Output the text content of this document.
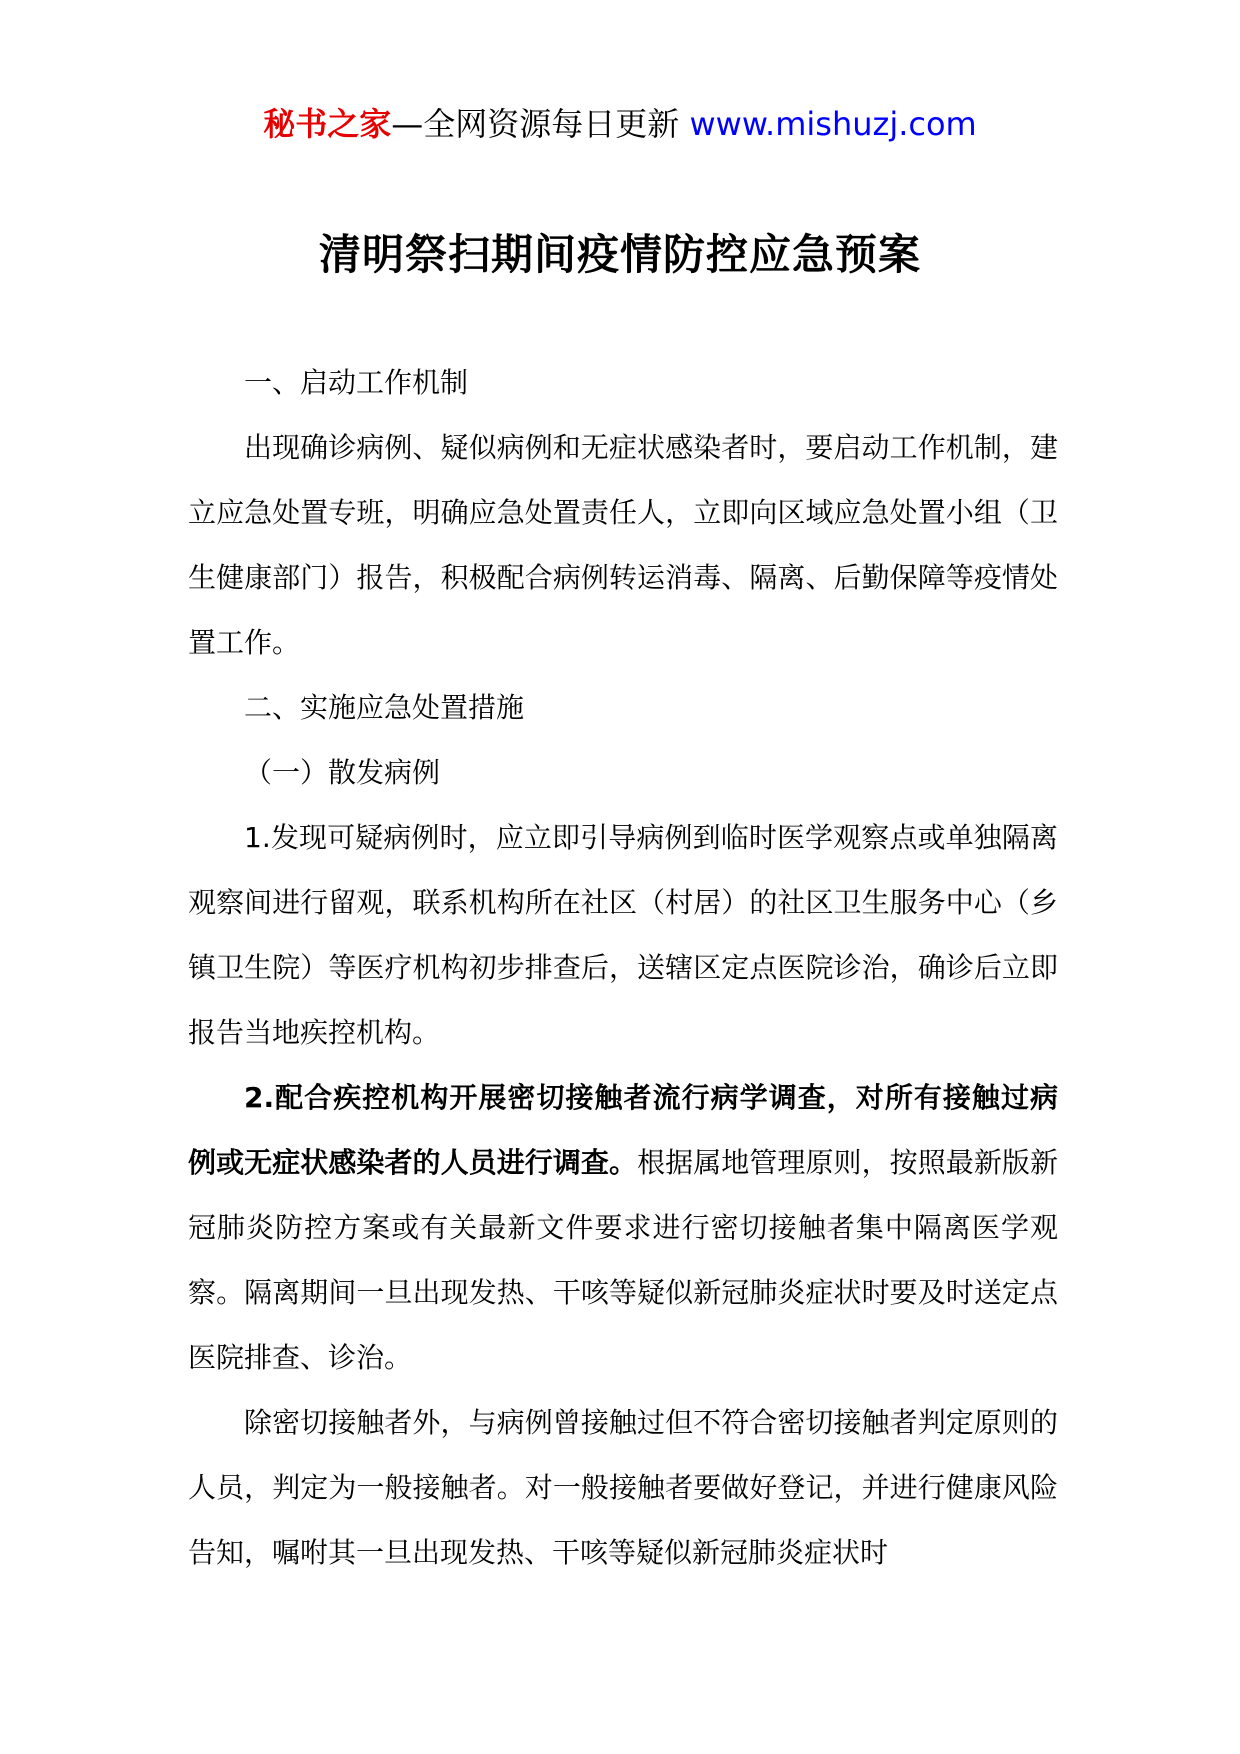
秘书之家—全网资源每日更新 www.mishuzj.com
清明祭扫期间疫情防控应急预案

一、启动工作机制

出现确诊病例、疑似病例和无症状感染者时，要启动工作机制，建立应急处置专班，明确应急处置责任人，立即向区域应急处置小组（卫生健康部门）报告，积极配合病例转运消毒、隔离、后勤保障等疫情处置工作。

二、实施应急处置措施

（一）散发病例

1.发现可疑病例时，应立即引导病例到临时医学观察点或单独隔离观察间进行留观，联系机构所在社区（村居）的社区卫生服务中心（乡镇卫生院）等医疗机构初步排查后，送辖区定点医院诊治，确诊后立即报告当地疾控机构。

2.配合疾控机构开展密切接触者流行病学调查，对所有接触过病例或无症状感染者的人员进行调查。根据属地管理原则，按照最新版新冠肺炎防控方案或有关最新文件要求进行密切接触者集中隔离医学观察。隔离期间一旦出现发热、干咳等疑似新冠肺炎症状时要及时送定点医院排查、诊治。

除密切接触者外，与病例曾接触过但不符合密切接触者判定原则的人员，判定为一般接触者。对一般接触者要做好登记，并进行健康风险告知，嘱咐其一旦出现发热、干咳等疑似新冠肺炎症状时
